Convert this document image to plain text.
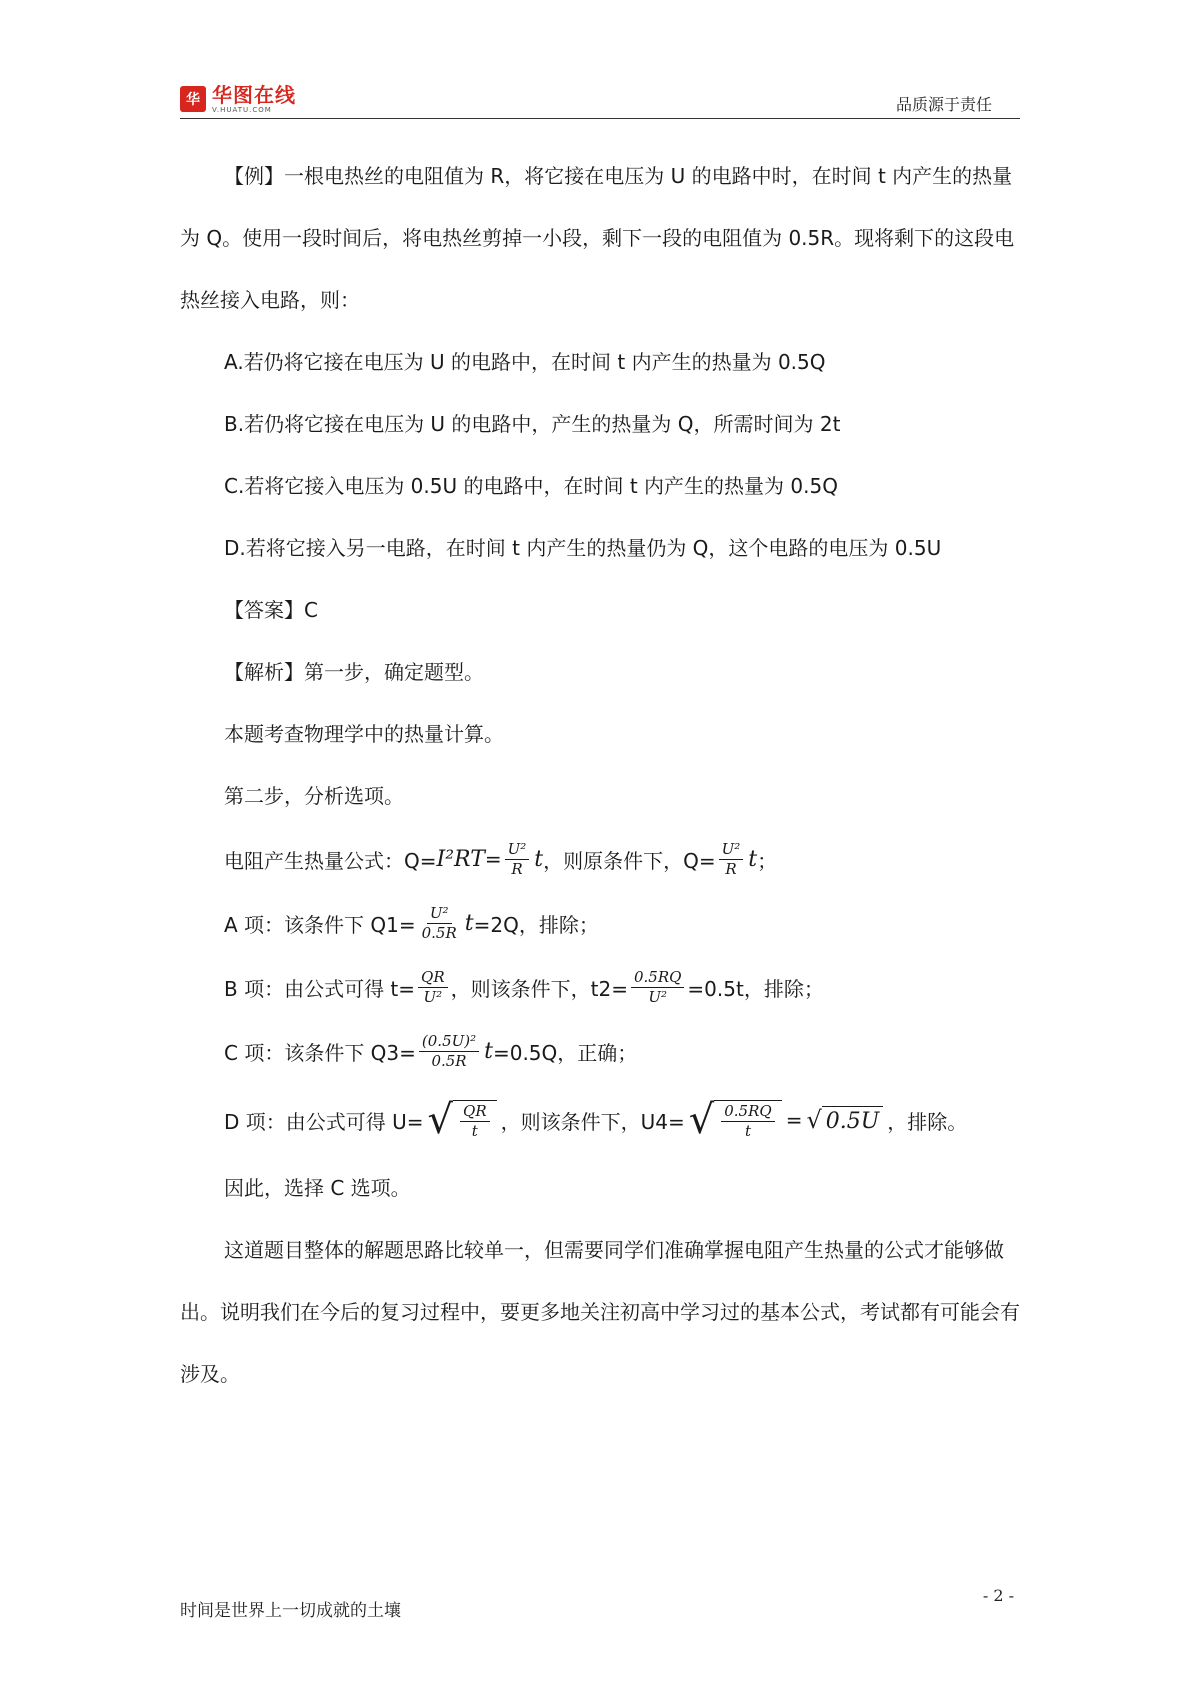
华 华图在线
V.HUATU.COM	品质源于责任

【例】一根电热丝的电阻值为 R，将它接在电压为 U 的电路中时，在时间 t 内产生的热量为 Q。使用一段时间后，将电热丝剪掉一小段，剩下一段的电阻值为 0.5R。现将剩下的这段电热丝接入电路，则：

A.若仍将它接在电压为 U 的电路中，在时间 t 内产生的热量为 0.5Q

B.若仍将它接在电压为 U 的电路中，产生的热量为 Q，所需时间为 2t

C.若将它接入电压为 0.5U 的电路中，在时间 t 内产生的热量为 0.5Q

D.若将它接入另一电路，在时间 t 内产生的热量仍为 Q，这个电路的电压为 0.5U

【答案】C

【解析】第一步，确定题型。

本题考查物理学中的热量计算。

第二步，分析选项。

电阻产生热量公式：$Q= I^2RT = \frac{\text{U²}}{R}$ t ，则原条件下，$Q= \frac{\text{U²}}{R}$ t ；
A 项：该条件下 $Q1= \frac{\text{U²}}{0.5R}$ t =2Q，排除；
B 项：由公式可得 $t= \frac{QR}{\text{U²}}$ ，则该条件下，$t2= \frac{0.5RQ}{\text{U²}} =0.5t$，排除；
C 项：该条件下 $Q3= \frac{\text{(0.5U)²}}{0.5R}$ t =0.5Q，正确；
D 项：由公式可得 U= √ $\frac{QR}{t}$ ，则该条件下，U4= √ $\frac{0.5RQ}{t}$ = √ 0.5U ，排除。

因此，选择 C 选项。

这道题目整体的解题思路比较单一，但需要同学们准确掌握电阻产生热量的公式才能够做出。说明我们在今后的复习过程中，要更多地关注初高中学习过的基本公式，考试都有可能会有涉及。

时间是世界上一切成就的土壤
- 2 -
